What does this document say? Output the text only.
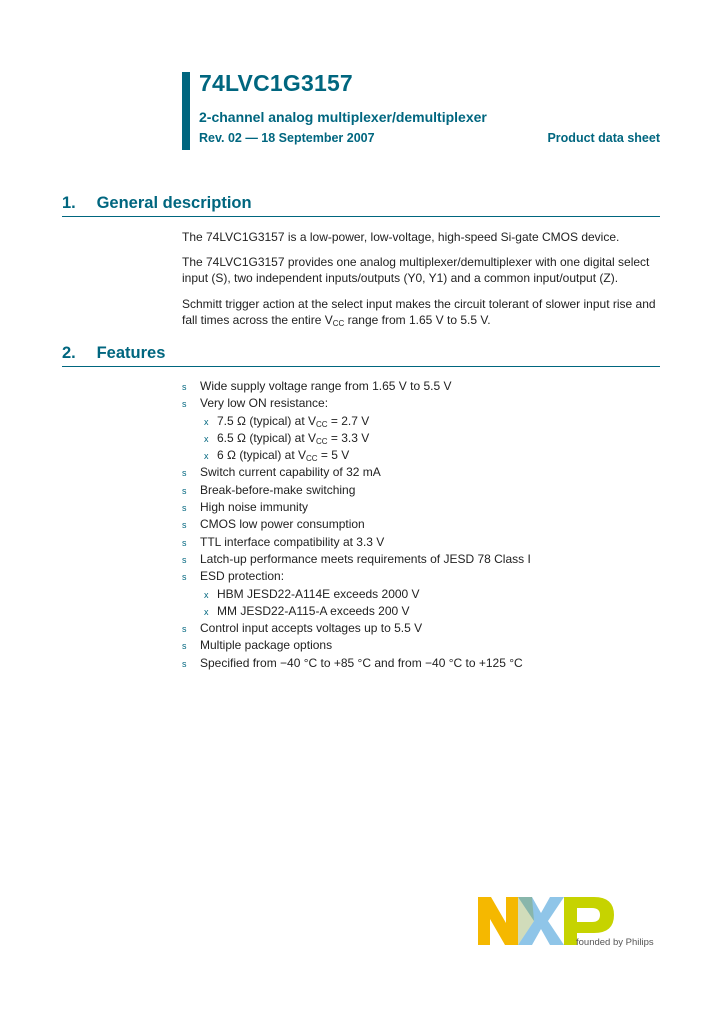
74LVC1G3157
2-channel analog multiplexer/demultiplexer
Rev. 02 — 18 September 2007	Product data sheet
1. General description

The 74LVC1G3157 is a low-power, low-voltage, high-speed Si-gate CMOS device.

The 74LVC1G3157 provides one analog multiplexer/demultiplexer with one digital select
input (S), two independent inputs/outputs (Y0, Y1) and a common input/output (Z).

Schmitt trigger action at the select input makes the circuit tolerant of slower input rise and
fall times across the entire $V_{CC}$ range from 1.65 V to 5.5 V.

2. Features
s Wide supply voltage range from 1.65 V to 5.5 V
s Very low ON resistance:
x 7.5 Ω (typical) at $V_{CC} = 2.7$ V
x 6.5 Ω (typical) at $V_{CC} = 3.3$ V
x 6 Ω (typical) at $V_{CC} = 5$ V
s Switch current capability of 32 mA
s Break-before-make switching
s High noise immunity
s CMOS low power consumption
s TTL interface compatibility at 3.3 V
s Latch-up performance meets requirements of JESD 78 Class I
s ESD protection:
x HBM JESD22-A114E exceeds 2000 V
x MM JESD22-A115-A exceeds 200 V
s Control input accepts voltages up to 5.5 V
s Multiple package options
s Specified from −40 °C to +85 °C and from −40 °C to +125 °C
founded by Philips
